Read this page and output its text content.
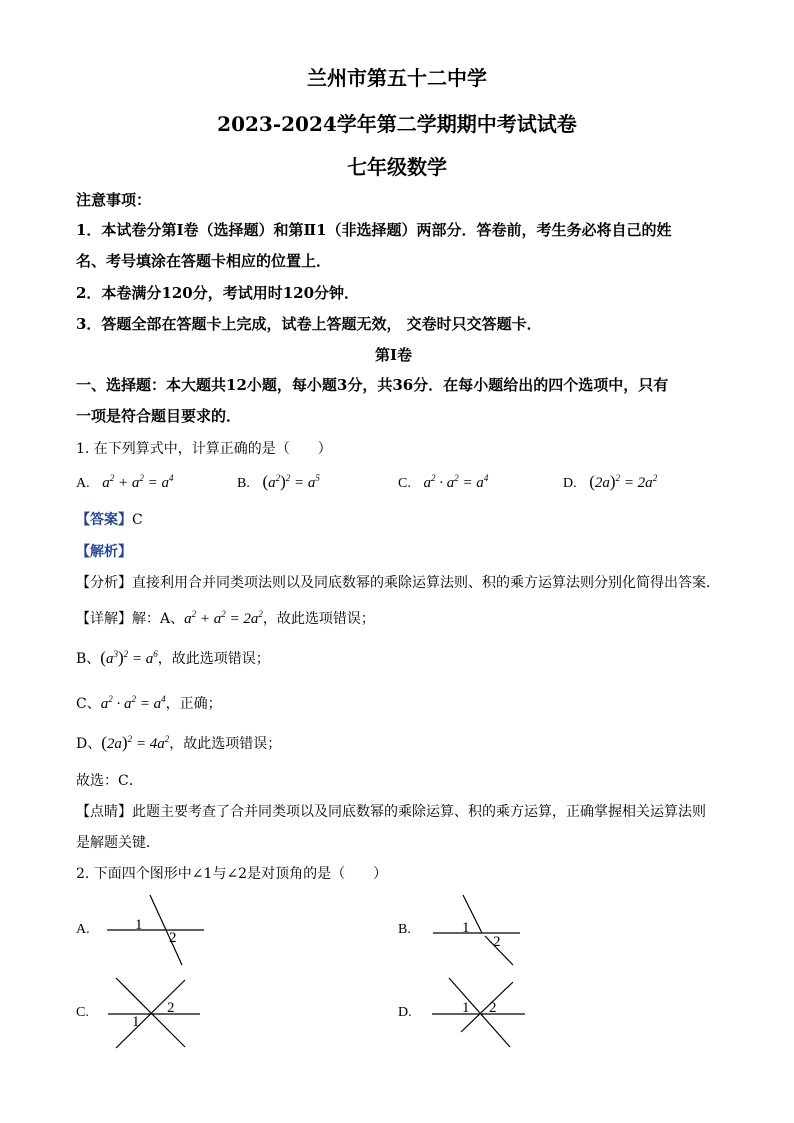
兰州市第五十二中学
2023-2024学年第二学期期中考试试卷
七年级数学
注意事项：
1．本试卷分第Ⅰ卷（选择题）和第Ⅱ1（非选择题）两部分．答卷前，考生务必将自己的姓
名、考号填涂在答题卡相应的位置上．
2．本卷满分120分，考试用时120分钟．
3．答题全部在答题卡上完成，试卷上答题无效， 交卷时只交答题卡．
第Ⅰ卷
一、选择题：本大题共12小题，每小题3分，共36分．在每小题给出的四个选项中，只有
一项是符合题目要求的．
1. 在下列算式中，计算正确的是（　　）
A.   $a^2 + a^2 = a^4$	B. $(a^2)^2 = a^5$	C.   $a^2 \cdot a^2 = a^4$	D. $(2a)^2 = 2a^2$
【答案】C
【解析】
【分析】直接利用合并同类项法则以及同底数幂的乘除运算法则、积的乘方运算法则分别化简得出答案．
【详解】解：A、$a^2 + a^2 = 2a^2$，故此选项错误；
B、$(a^3)^2 = a^6$，故此选项错误；
C、$a^2 \cdot a^2 = a^4$，正确；
D、$(2a)^2 = 4a^2$，故此选项错误；
故选：C．
【点睛】此题主要考查了合并同类项以及同底数幂的乘除运算、积的乘方运算，正确掌握相关运算法则
是解题关键．
2. 下面四个图形中∠1与∠2是对顶角的是（　　）
A.	B.
C.	D.
1
2
1
2
1
2	1 2
